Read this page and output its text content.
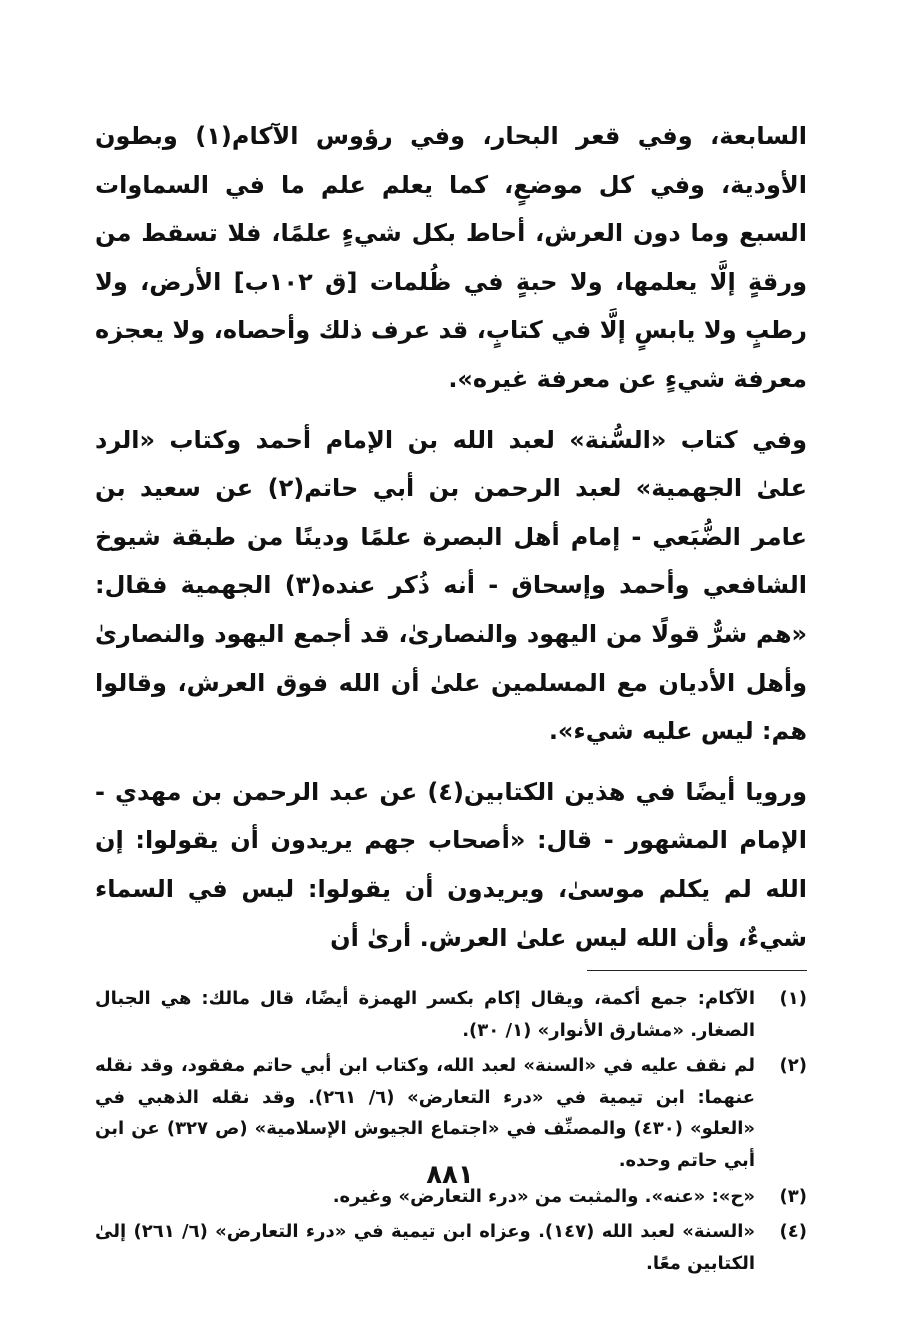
السابعة، وفي قعر البحار، وفي رؤوس الآكام(١) وبطون الأودية، وفي كل موضعٍ، كما يعلم علم ما في السماوات السبع وما دون العرش، أحاط بكل شيءٍ علمًا، فلا تسقط من ورقةٍ إلَّا يعلمها، ولا حبةٍ في ظُلمات [ق ١٠٢ب] الأرض، ولا رطبٍ ولا يابسٍ إلَّا في كتابٍ، قد عرف ذلك وأحصاه، ولا يعجزه معرفة شيءٍ عن معرفة غيره».

وفي كتاب «السُّنة» لعبد الله بن الإمام أحمد وكتاب «الرد علىٰ الجهمية» لعبد الرحمن بن أبي حاتم(٢) عن سعيد بن عامر الضُّبَعي - إمام أهل البصرة علمًا ودينًا من طبقة شيوخ الشافعي وأحمد وإسحاق - أنه ذُكر عنده(٣) الجهمية فقال: «هم شرٌّ قولًا من اليهود والنصارىٰ، قد أجمع اليهود والنصارىٰ وأهل الأديان مع المسلمين علىٰ أن الله فوق العرش، وقالوا هم: ليس عليه شيء».

ورويا أيضًا في هذين الكتابين(٤) عن عبد الرحمن بن مهدي - الإمام المشهور - قال: «أصحاب جهم يريدون أن يقولوا: إن الله لم يكلم موسىٰ، ويريدون أن يقولوا: ليس في السماء شيءٌ، وأن الله ليس علىٰ العرش. أرىٰ أن

(١)
الآكام: جمع أكمة، ويقال إكام بكسر الهمزة أيضًا، قال مالك: هي الجبال الصغار. «مشارق الأنوار» (١/ ٣٠).
(٢)
لم نقف عليه في «السنة» لعبد الله، وكتاب ابن أبي حاتم مفقود، وقد نقله عنهما: ابن تيمية في «درء التعارض» (٦/ ٢٦١). وقد نقله الذهبي في «العلو» (٤٣٠) والمصنِّف في «اجتماع الجيوش الإسلامية» (ص ٣٢٧) عن ابن أبي حاتم وحده.
(٣)
«ح»: «عنه». والمثبت من «درء التعارض» وغيره.
(٤)
«السنة» لعبد الله (١٤٧). وعزاه ابن تيمية في «درء التعارض» (٦/ ٢٦١) إلىٰ الكتابين معًا.
٨٨١
